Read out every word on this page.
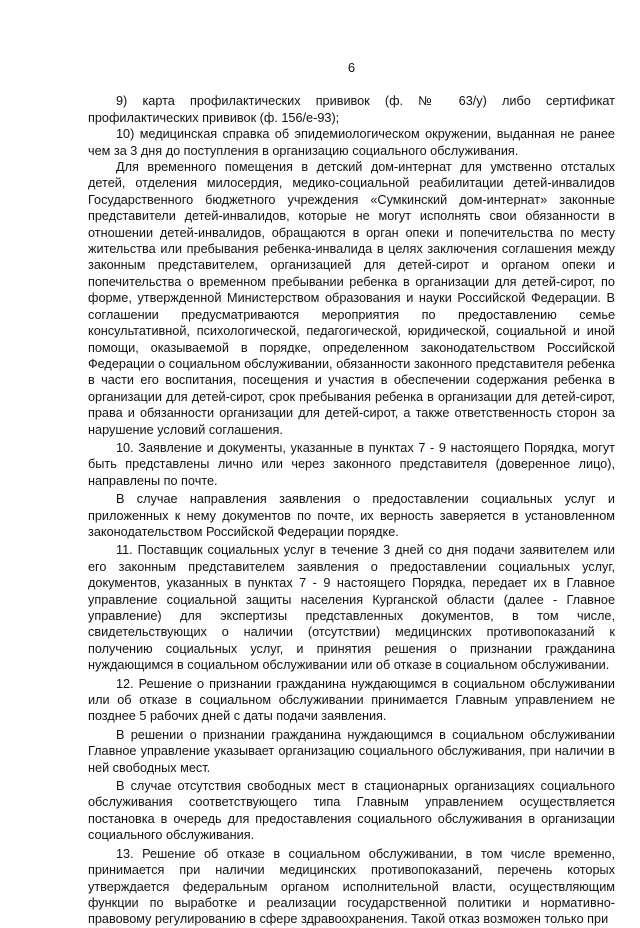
6

9) карта профилактических прививок (ф. № 63/у) либо сертификат профилактических прививок (ф. 156/е-93);

10) медицинская справка об эпидемиологическом окружении, выданная не ранее чем за 3 дня до поступления в организацию социального обслуживания.

Для временного помещения в детский дом-интернат для умственно отсталых детей, отделения милосердия, медико-социальной реабилитации детей-инвалидов Государственного бюджетного учреждения «Сумкинский дом-интернат» законные представители детей-инвалидов, которые не могут исполнять свои обязанности в отношении детей-инвалидов, обращаются в орган опеки и попечительства по месту жительства или пребывания ребенка-инвалида в целях заключения соглашения между законным представителем, организацией для детей-сирот и органом опеки и попечительства о временном пребывании ребенка в организации для детей-сирот, по форме, утвержденной Министерством образования и науки Российской Федерации. В соглашении предусматриваются мероприятия по предоставлению семье консультативной, психологической, педагогической, юридической, социальной и иной помощи, оказываемой в порядке, определенном законодательством Российской Федерации о социальном обслуживании, обязанности законного представителя ребенка в части его воспитания, посещения и участия в обеспечении содержания ребенка в организации для детей-сирот, срок пребывания ребенка в организации для детей-сирот, права и обязанности организации для детей-сирот, а также ответственность сторон за нарушение условий соглашения.

10. Заявление и документы, указанные в пунктах 7 - 9 настоящего Порядка, могут быть представлены лично или через законного представителя (доверенное лицо), направлены по почте.

В случае направления заявления о предоставлении социальных услуг и приложенных к нему документов по почте, их верность заверяется в установленном законодательством Российской Федерации порядке.

11. Поставщик социальных услуг в течение 3 дней со дня подачи заявителем или его законным представителем заявления о предоставлении социальных услуг, документов, указанных в пунктах 7 - 9 настоящего Порядка, передает их в Главное управление социальной защиты населения Курганской области (далее - Главное управление) для экспертизы представленных документов, в том числе, свидетельствующих о наличии (отсутствии) медицинских противопоказаний к получению социальных услуг, и принятия решения о признании гражданина нуждающимся в социальном обслуживании или об отказе в социальном обслуживании.

12. Решение о признании гражданина нуждающимся в социальном обслуживании или об отказе в социальном обслуживании принимается Главным управлением не позднее 5 рабочих дней с даты подачи заявления.

В решении о признании гражданина нуждающимся в социальном обслуживании Главное управление указывает организацию социального обслуживания, при наличии в ней свободных мест.

В случае отсутствия свободных мест в стационарных организациях социального обслуживания соответствующего типа Главным управлением осуществляется постановка в очередь для предоставления социального обслуживания в организации социального обслуживания.

13. Решение об отказе в социальном обслуживании, в том числе временно, принимается при наличии медицинских противопоказаний, перечень которых утверждается федеральным органом исполнительной власти, осуществляющим функции по выработке и реализации государственной политики и нормативно-правовому регулированию в сфере здравоохранения. Такой отказ возможен только при
